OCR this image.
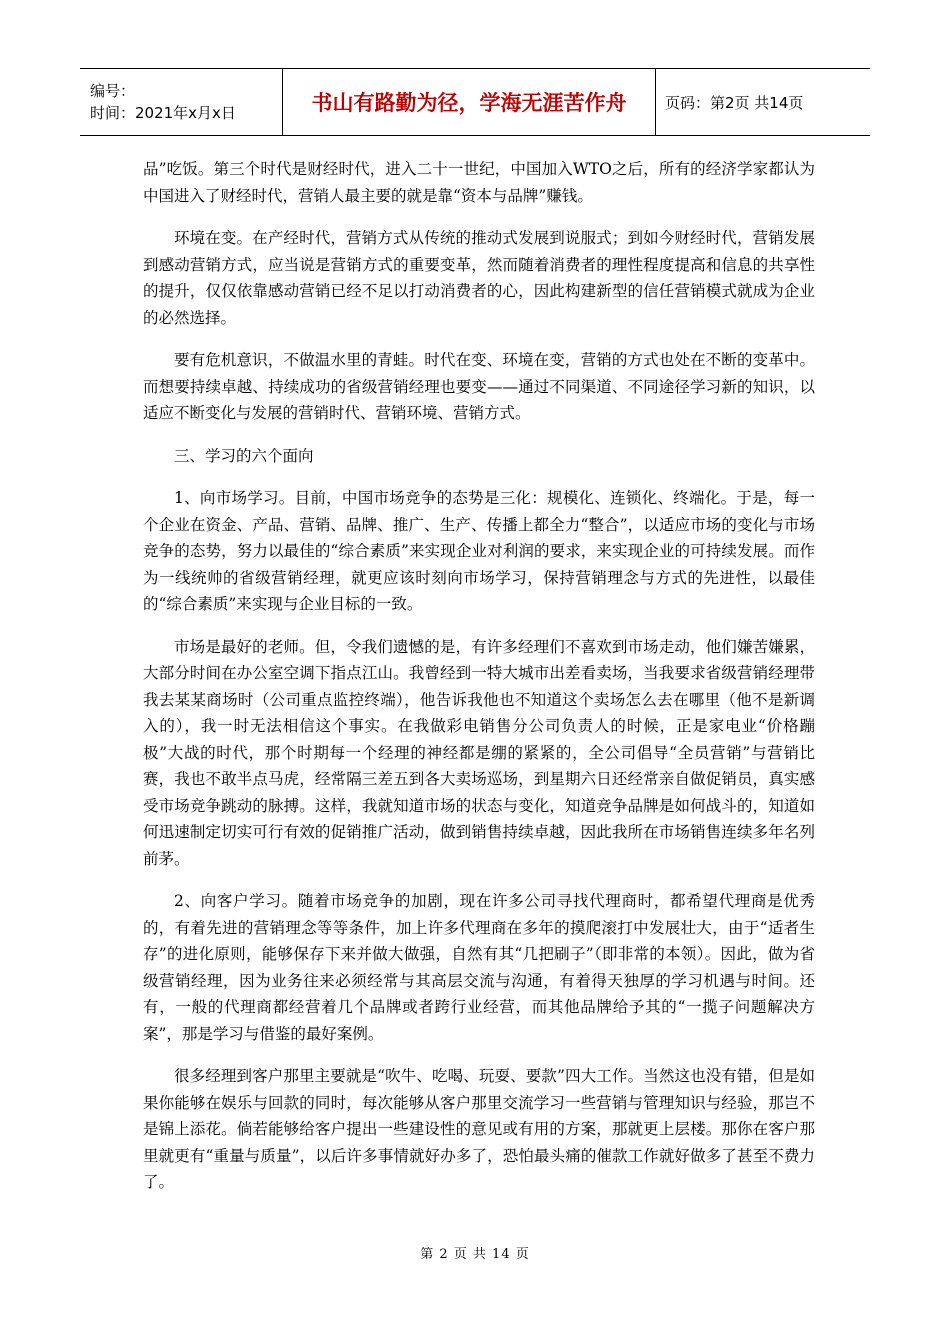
编号：
时间：2021年x月x日	书山有路勤为径，学海无涯苦作舟	页码：第2页 共14页

品”吃饭。第三个时代是财经时代，进入二十一世纪，中国加入WTO之后，所有的经济学家都认为中国进入了财经时代，营销人最主要的就是靠“资本与品牌”赚钱。

环境在变。在产经时代，营销方式从传统的推动式发展到说服式；到如今财经时代，营销发展到感动营销方式，应当说是营销方式的重要变革，然而随着消费者的理性程度提高和信息的共享性的提升，仅仅依靠感动营销已经不足以打动消费者的心，因此构建新型的信任营销模式就成为企业的必然选择。

要有危机意识，不做温水里的青蛙。时代在变、环境在变，营销的方式也处在不断的变革中。而想要持续卓越、持续成功的省级营销经理也要变——通过不同渠道、不同途径学习新的知识，以适应不断变化与发展的营销时代、营销环境、营销方式。

三、学习的六个面向

1、向市场学习。目前，中国市场竞争的态势是三化：规模化、连锁化、终端化。于是，每一个企业在资金、产品、营销、品牌、推广、生产、传播上都全力“整合”，以适应市场的变化与市场竞争的态势，努力以最佳的“综合素质”来实现企业对利润的要求，来实现企业的可持续发展。而作为一线统帅的省级营销经理，就更应该时刻向市场学习，保持营销理念与方式的先进性，以最佳的“综合素质”来实现与企业目标的一致。

市场是最好的老师。但，令我们遗憾的是，有许多经理们不喜欢到市场走动，他们嫌苦嫌累，大部分时间在办公室空调下指点江山。我曾经到一特大城市出差看卖场，当我要求省级营销经理带我去某某商场时（公司重点监控终端），他告诉我他也不知道这个卖场怎么去在哪里（他不是新调入的），我一时无法相信这个事实。在我做彩电销售分公司负责人的时候，正是家电业“价格蹦极”大战的时代，那个时期每一个经理的神经都是绷的紧紧的，全公司倡导“全员营销”与营销比赛，我也不敢半点马虎，经常隔三差五到各大卖场巡场，到星期六日还经常亲自做促销员，真实感受市场竞争跳动的脉搏。这样，我就知道市场的状态与变化，知道竞争品牌是如何战斗的，知道如何迅速制定切实可行有效的促销推广活动，做到销售持续卓越，因此我所在市场销售连续多年名列前茅。

2、向客户学习。随着市场竞争的加剧，现在许多公司寻找代理商时，都希望代理商是优秀的，有着先进的营销理念等等条件，加上许多代理商在多年的摸爬滚打中发展壮大，由于“适者生存”的进化原则，能够保存下来并做大做强，自然有其“几把刷子”（即非常的本领）。因此，做为省级营销经理，因为业务往来必须经常与其高层交流与沟通，有着得天独厚的学习机遇与时间。还有，一般的代理商都经营着几个品牌或者跨行业经营，而其他品牌给予其的“一揽子问题解决方案”，那是学习与借鉴的最好案例。

很多经理到客户那里主要就是“吹牛、吃喝、玩耍、要款”四大工作。当然这也没有错，但是如果你能够在娱乐与回款的同时，每次能够从客户那里交流学习一些营销与管理知识与经验，那岂不是锦上添花。倘若能够给客户提出一些建设性的意见或有用的方案，那就更上层楼。那你在客户那里就更有“重量与质量”，以后许多事情就好办多了，恐怕最头痛的催款工作就好做多了甚至不费力了。

第 2 页 共 14 页
